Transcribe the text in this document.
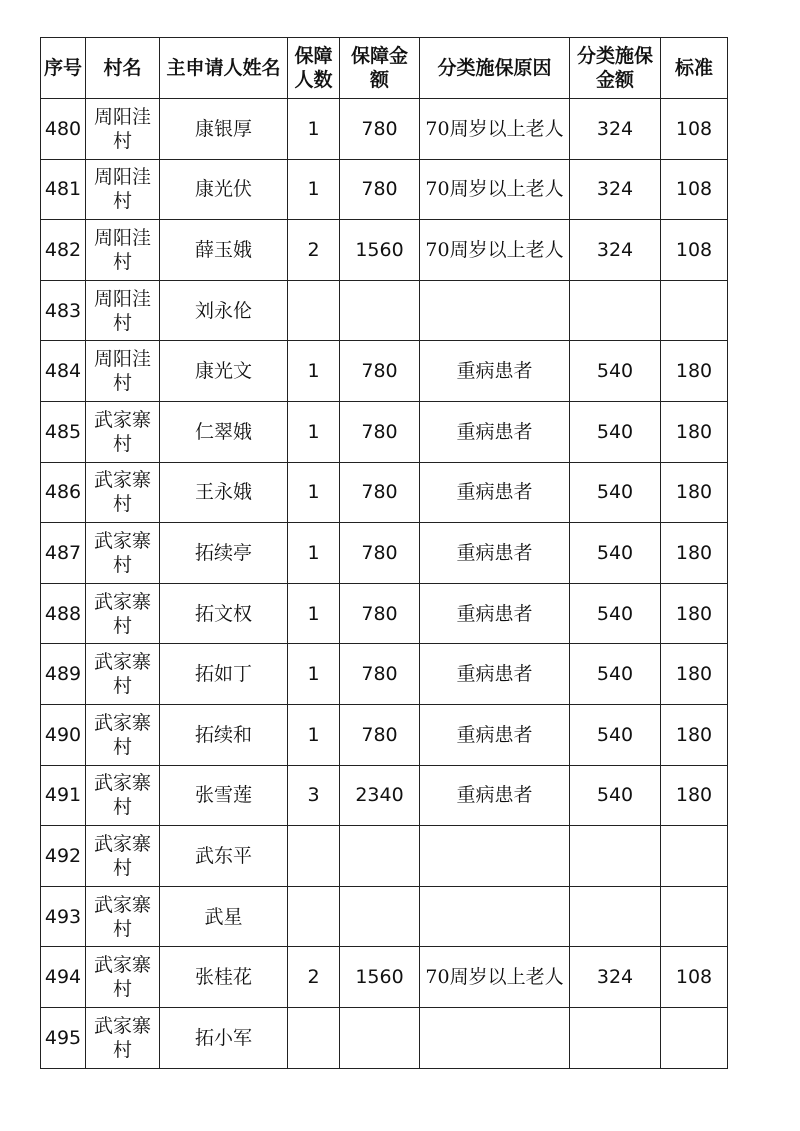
序号	村名	主申请人姓名	保障人数	保障金额	分类施保原因	分类施保金额	标准
480	周阳洼村	康银厚	1	780	70周岁以上老人	324	108
481	周阳洼村	康光伏	1	780	70周岁以上老人	324	108
482	周阳洼村	薛玉娥	2	1560	70周岁以上老人	324	108
483	周阳洼村	刘永伦					
484	周阳洼村	康光文	1	780	重病患者	540	180
485	武家寨村	仁翠娥	1	780	重病患者	540	180
486	武家寨村	王永娥	1	780	重病患者	540	180
487	武家寨村	拓续亭	1	780	重病患者	540	180
488	武家寨村	拓文权	1	780	重病患者	540	180
489	武家寨村	拓如丁	1	780	重病患者	540	180
490	武家寨村	拓续和	1	780	重病患者	540	180
491	武家寨村	张雪莲	3	2340	重病患者	540	180
492	武家寨村	武东平					
493	武家寨村	武星					
494	武家寨村	张桂花	2	1560	70周岁以上老人	324	108
495	武家寨村	拓小军					
